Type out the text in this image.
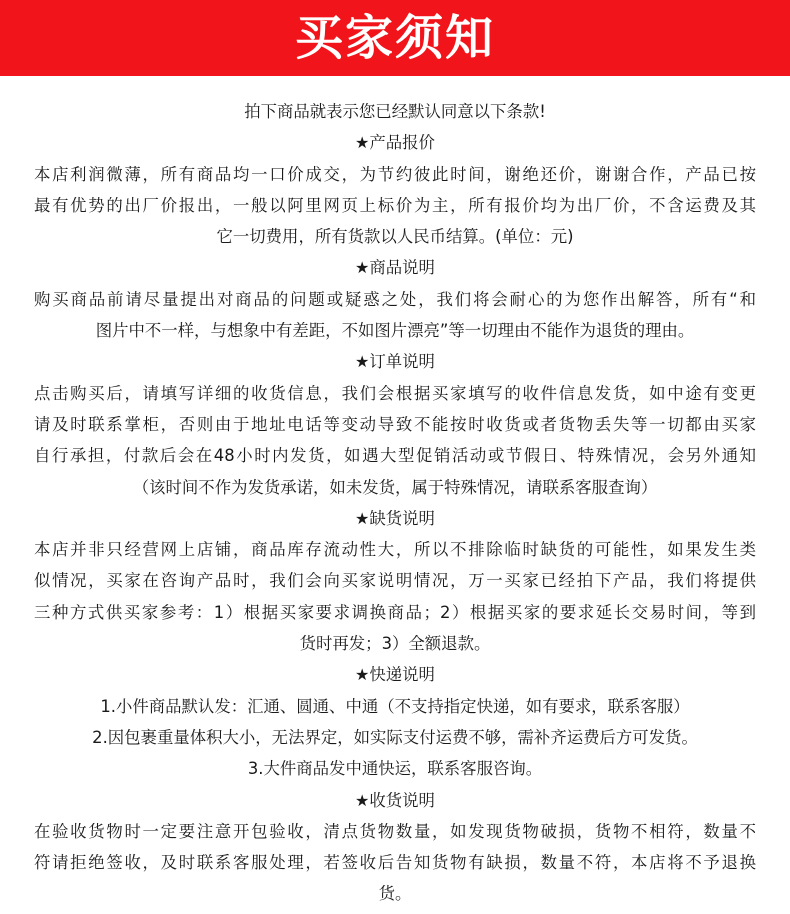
买家须知
拍下商品就表示您已经默认同意以下条款!
★产品报价
本店利润微薄，所有商品均一口价成交，为节约彼此时间，谢绝还价，谢谢合作，产品已按
最有优势的出厂价报出，一般以阿里网页上标价为主，所有报价均为出厂价，不含运费及其
它一切费用，所有货款以人民币结算。(单位：元)
★商品说明
购买商品前请尽量提出对商品的问题或疑惑之处，我们将会耐心的为您作出解答，所有“和
图片中不一样，与想象中有差距，不如图片漂亮”等一切理由不能作为退货的理由。
★订单说明
点击购买后，请填写详细的收货信息，我们会根据买家填写的收件信息发货，如中途有变更
请及时联系掌柜，否则由于地址电话等变动导致不能按时收货或者货物丢失等一切都由买家
自行承担，付款后会在48小时内发货，如遇大型促销活动或节假日、特殊情况，会另外通知
（该时间不作为发货承诺，如未发货，属于特殊情况，请联系客服查询）
★缺货说明
本店并非只经营网上店铺，商品库存流动性大，所以不排除临时缺货的可能性，如果发生类
似情况，买家在咨询产品时，我们会向买家说明情况，万一买家已经拍下产品，我们将提供
三种方式供买家参考：1）根据买家要求调换商品；2）根据买家的要求延长交易时间，等到
货时再发；3）全额退款。
★快递说明
1.小件商品默认发：汇通、圆通、中通（不支持指定快递，如有要求，联系客服）
2.因包裹重量体积大小，无法界定，如实际支付运费不够，需补齐运费后方可发货。
3.大件商品发中通快运，联系客服咨询。
★收货说明
在验收货物时一定要注意开包验收，清点货物数量，如发现货物破损，货物不相符，数量不
符请拒绝签收，及时联系客服处理，若签收后告知货物有缺损，数量不符，本店将不予退换
货。
